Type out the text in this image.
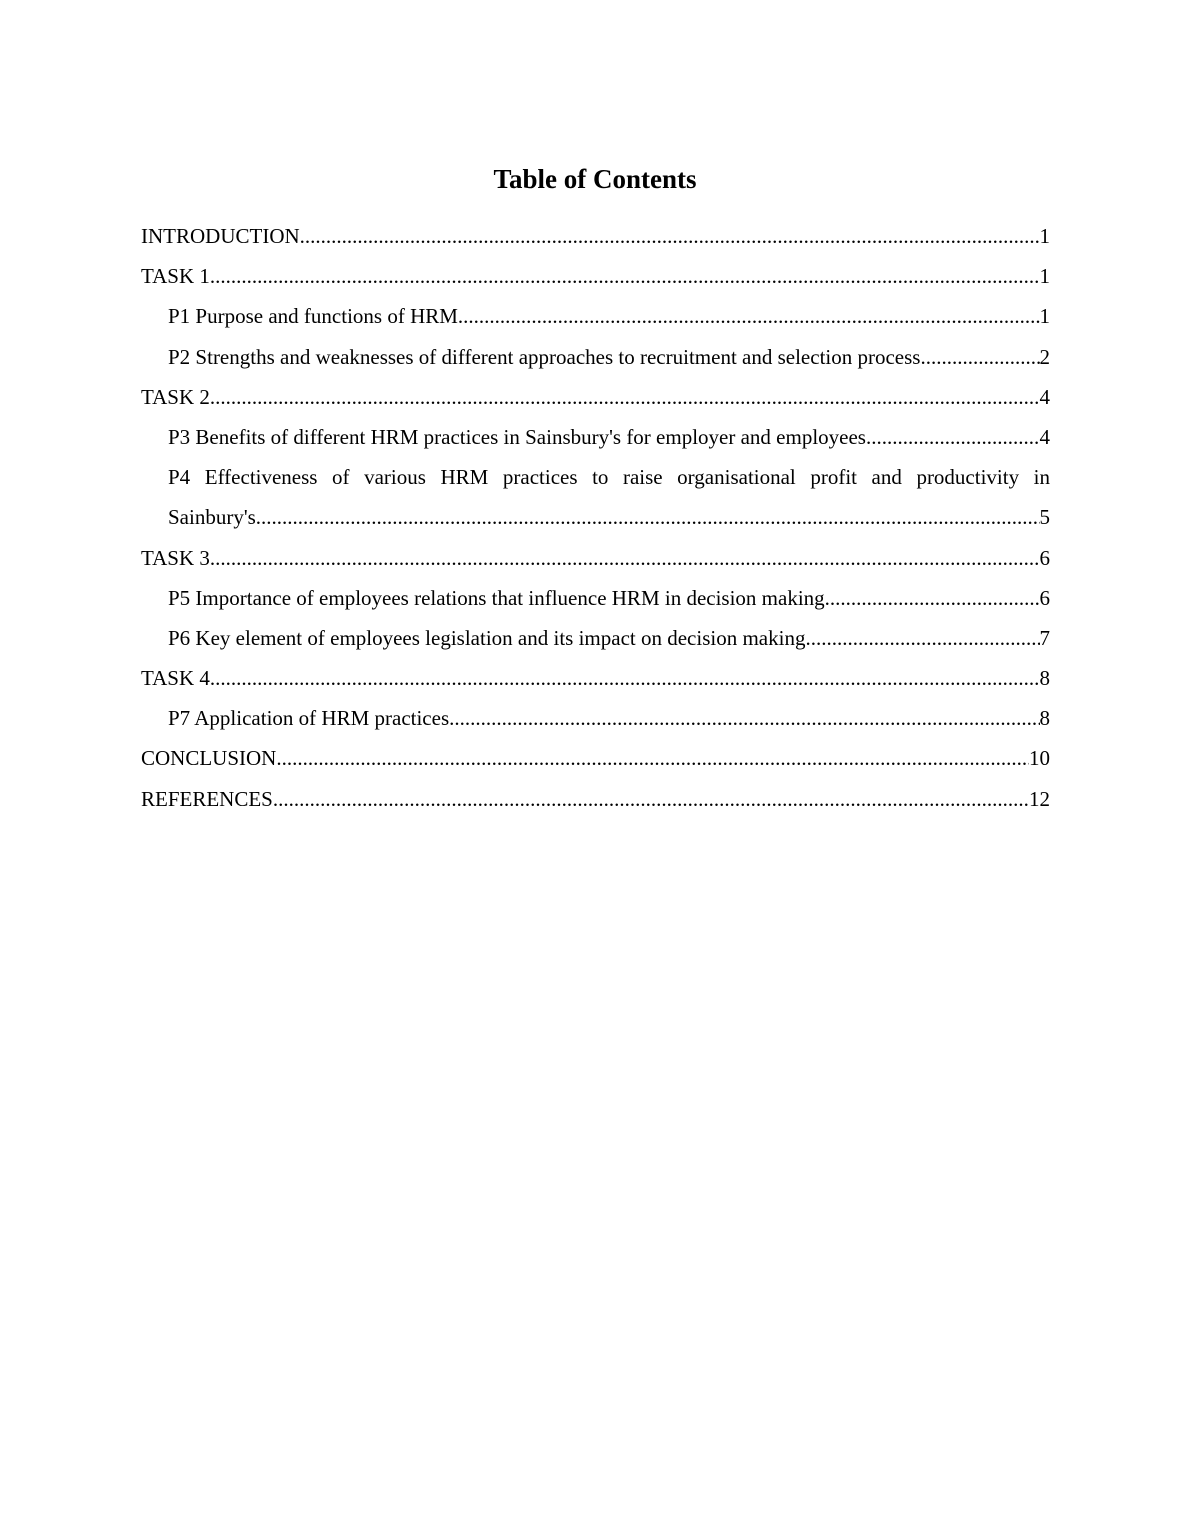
Table of Contents
INTRODUCTION .....	1
TASK 1 .....	1
P1 Purpose and functions of HRM .....	1
P2 Strengths and weaknesses of different approaches to recruitment and selection process .....	2
TASK 2 .....	4
P3 Benefits of different HRM practices in Sainsbury's for employer and employees .....	4
P4 Effectiveness of various HRM practices to raise organisational profit and productivity in
Sainbury's .....	5
TASK 3 .....	6
P5 Importance of employees relations that influence HRM in decision making .....	6
P6 Key element of employees legislation and its impact on decision making .....	7
TASK 4 .....	8
P7 Application of HRM practices .....	8
CONCLUSION .....	10
REFERENCES .....	12
